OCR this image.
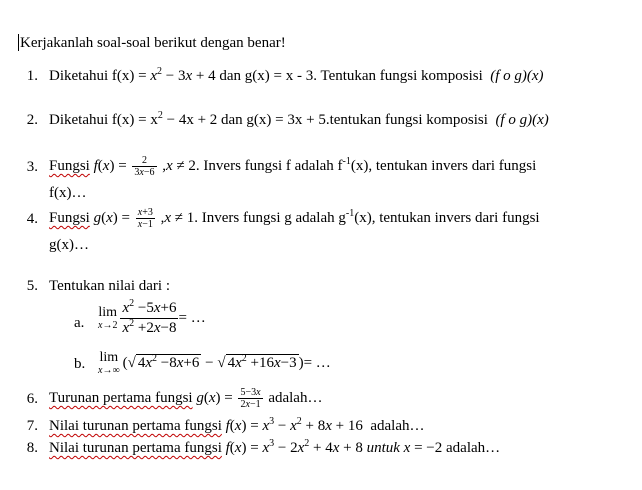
Kerjakanlah soal-soal berikut dengan benar!
1. Diketahui $f(x) = x^2 - 3x + 4$ dan g(x) = x - 3. Tentukan fungsi komposisi  (f o g)(x)
2. Diketahui $f(x) = x^2 - 4x + 2$ dan g(x) = 3x + 5.tentukan fungsi komposisi  (f o g)(x)
3. Fungsi $f(x) = \frac{2}{3x-6} ,x \ne 2$. Invers fungsi f adalah $f^{-1}(x)$, tentukan invers dari fungsi
f(x)…
4. Fungsi $g(x) = \frac{x+3}{x-1} ,x \ne 1$. Invers fungsi g adalah $g^{-1}(x)$, tentukan invers dari fungsi
g(x)…
5. Tentukan nilai dari :
a.
lim
$x\to 2 \frac{x^2 -5x+6}{x^2 +2x-8}$ = …
b. lim
x→∞ (√ $4x^2 -8x+6$ − √ $4x^2 +16x-3$ )= …
6. Turunan pertama fungsi $g(x) = \frac{5-3x}{2x-1}$ adalah…
7. Nilai turunan pertama fungsi $f(x) = x^3 - x^2 + 8x + 16$  adalah…
8. Nilai turunan pertama fungsi $f(x) = x^3 - 2x^2 + 4x + 8$ untuk x = −2 adalah…
